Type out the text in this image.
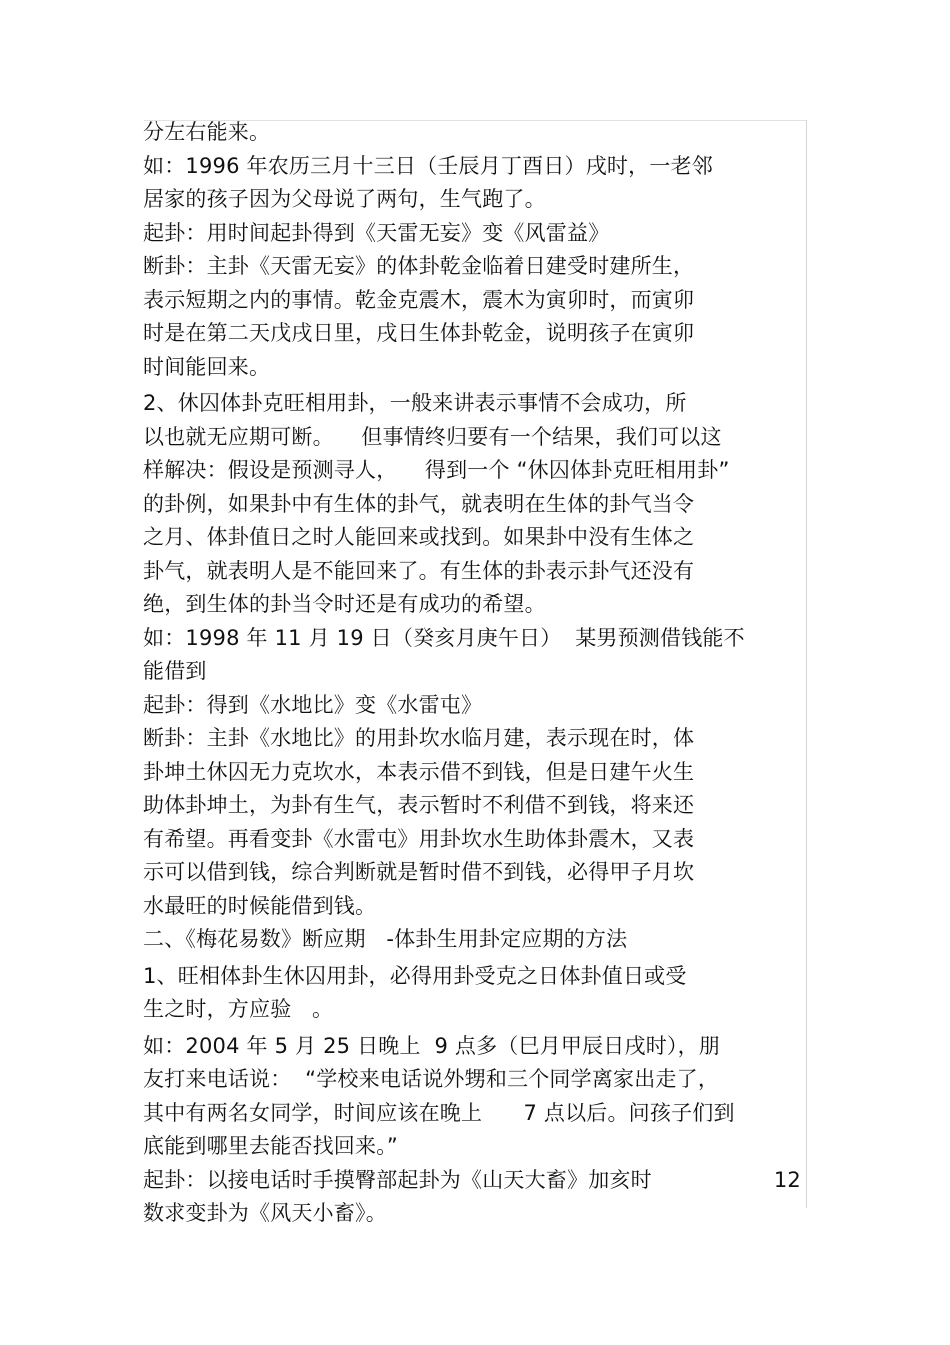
分左右能来。
如：1996 年农历三月十三日（壬辰月丁酉日）戌时，一老邻
居家的孩子因为父母说了两句，生气跑了。
起卦：用时间起卦得到《天雷无妄》变《风雷益》
断卦：主卦《天雷无妄》的体卦乾金临着日建受时建所生，
表示短期之内的事情。乾金克震木，震木为寅卯时，而寅卯
时是在第二天戊戌日里，戌日生体卦乾金，说明孩子在寅卯
时间能回来。
2、休囚体卦克旺相用卦，一般来讲表示事情不会成功，所
以也就无应期可断。    但事情终归要有一个结果，我们可以这
样解决：假设是预测寻人，    得到一个 “休囚体卦克旺相用卦”
的卦例，如果卦中有生体的卦气，就表明在生体的卦气当令
之月、体卦值日之时人能回来或找到。如果卦中没有生体之
卦气，就表明人是不能回来了。有生体的卦表示卦气还没有
绝，到生体的卦当令时还是有成功的希望。
如：1998 年 11 月 19 日（癸亥月庚午日）  某男预测借钱能不
能借到
起卦：得到《水地比》变《水雷屯》
断卦：主卦《水地比》的用卦坎水临月建，表示现在时，体
卦坤土休囚无力克坎水，本表示借不到钱，但是日建午火生
助体卦坤土，为卦有生气，表示暂时不利借不到钱，将来还
有希望。再看变卦《水雷屯》用卦坎水生助体卦震木，又表
示可以借到钱，综合判断就是暂时借不到钱，必得甲子月坎
水最旺的时候能借到钱。
二、《梅花易数》断应期   -体卦生用卦定应期的方法
1、旺相体卦生休囚用卦，必得用卦受克之日体卦值日或受
生之时，方应验   。
如：2004 年 5 月 25 日晚上  9 点多（巳月甲辰日戌时），朋
友打来电话说：  “学校来电话说外甥和三个同学离家出走了，
其中有两名女同学，时间应该在晚上      7 点以后。问孩子们到
底能到哪里去能否找回来。”
起卦：以接电话时手摸臀部起卦为《山天大畜》加亥时	12
数求变卦为《风天小畜》。
